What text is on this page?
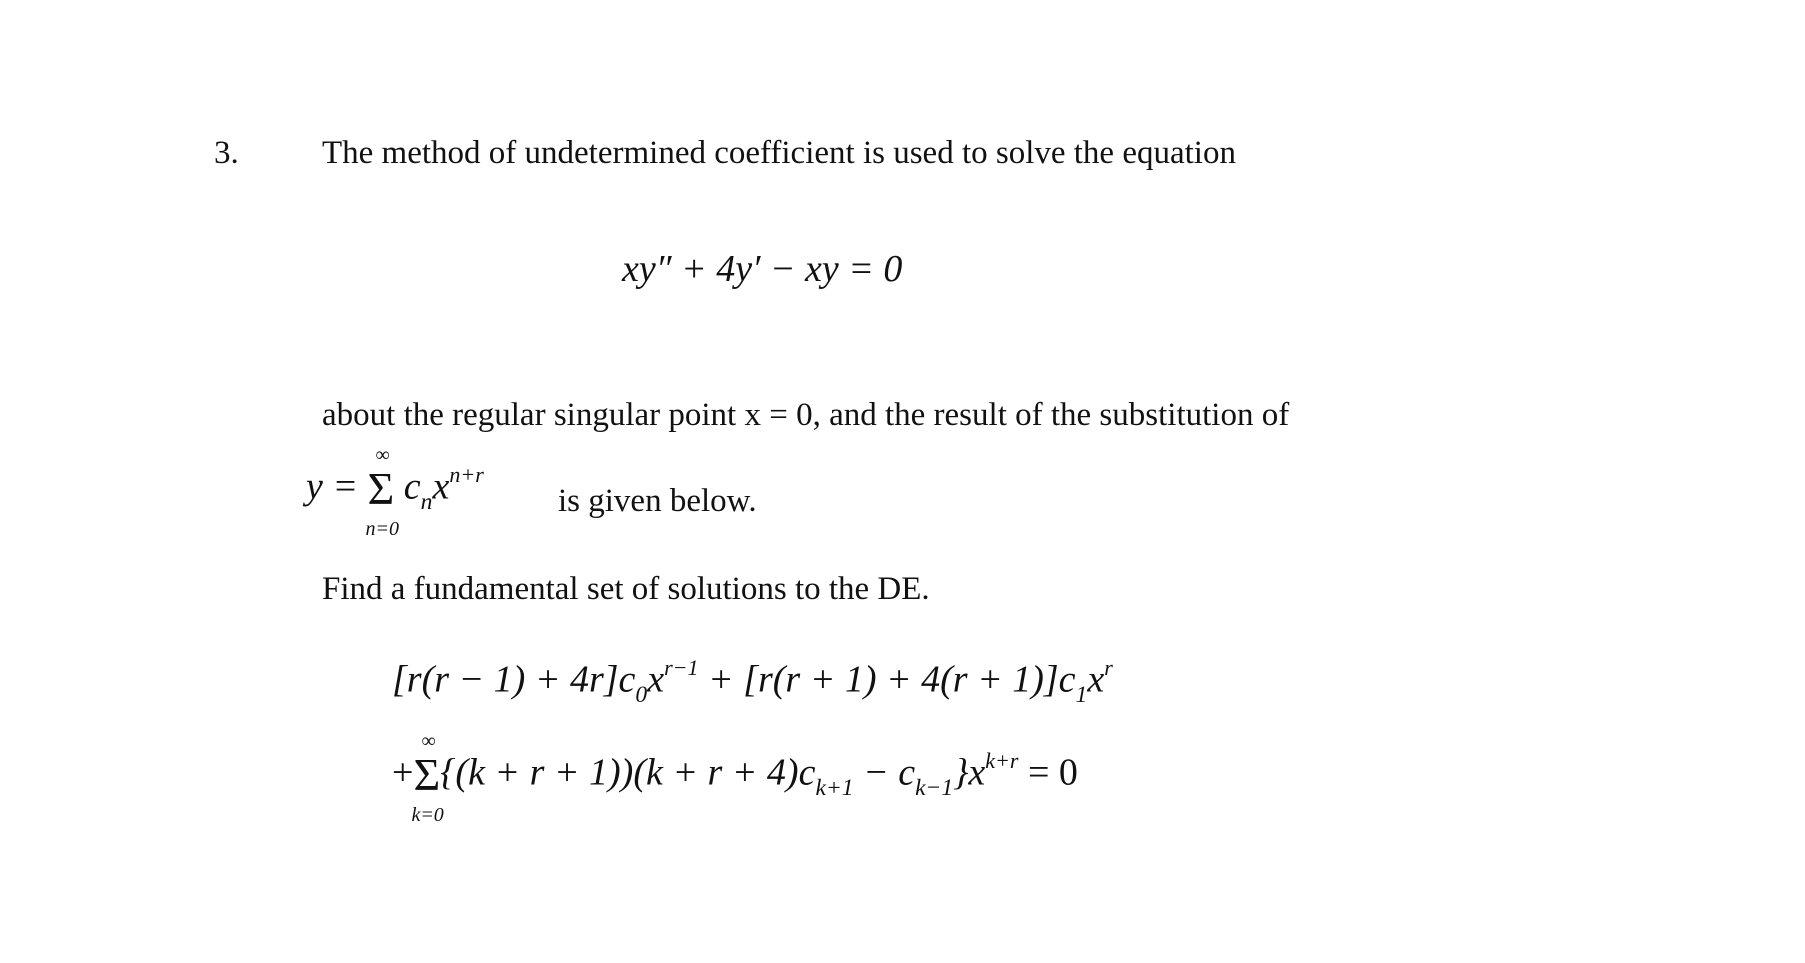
3.	The method of undetermined coefficient is used to solve the equation
xy″ + 4y′ − xy = 0
about the regular singular point x = 0, and the result of the substitution of
y =
∞
Σ
n=0
$c_nx^{n+r}$
is given below.
Find a fundamental set of solutions to the DE.
$[r(r - 1) + 4r]c_0x^{r-1} + [r(r + 1) + 4(r + 1)]c_1x^r$
+
∞
Σ
k=0
$\{(k + r + 1))(k + r + 4)c_{k+1} - c_{k-1}\}x^{k+r} = 0$
